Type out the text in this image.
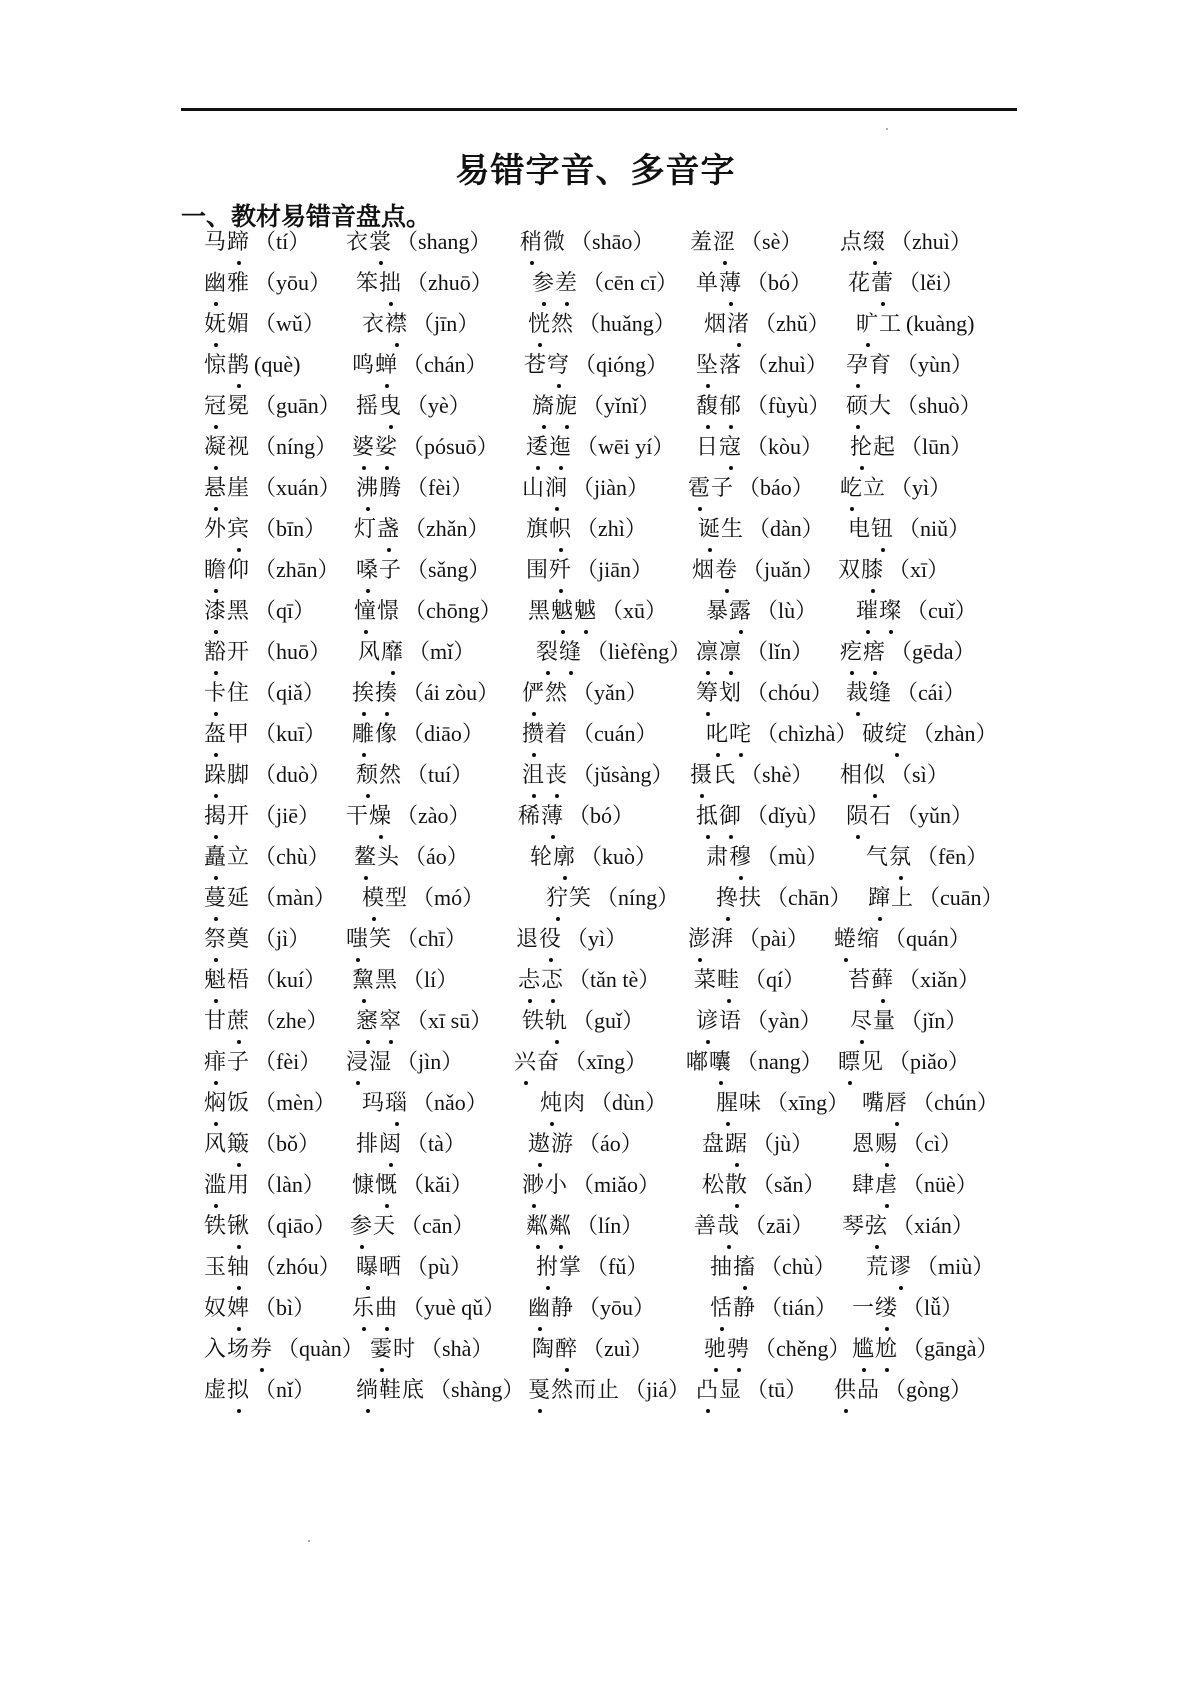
易错字音、多音字
一、教材易错音盘点。
马蹄 （tí） 衣裳 （shang） 稍微 （shāo） 羞涩 （sè） 点缀 （zhuì）
幽雅 （yōu） 笨拙 （zhuō） 参差 （cēn cī） 单薄 （bó） 花蕾 （lěi）
妩媚 （wǔ） 衣襟 （jīn） 恍然 （huǎng） 烟渚 （zhǔ） 旷工 (kuàng)
惊鹊 (què) 鸣蝉 （chán） 苍穹 （qióng） 坠落 （zhuì） 孕育 （yùn）
冠冕 （guān） 摇曳 （yè）	旖旎 （yǐnǐ） 馥郁 （fùyù） 硕大 （shuò）
凝视 （níng） 婆娑 （pósuō） 逶迤 （wēi yí） 日寇 （kòu） 抡起 （lūn）
悬崖 （xuán） 沸腾 （fèi） 山涧 （jiàn） 雹子 （báo） 屹立 （yì）
外宾 （bīn） 灯盏 （zhǎn） 旗帜 （zhì） 诞生 （dàn） 电钮 （niǔ）
瞻仰 （zhān） 嗓子 （sǎng） 围歼 （jiān） 烟卷 （juǎn） 双膝 （xī）
漆黑 （qī） 憧憬 （chōng） 黑魆魆 （xū） 暴露 （lù） 璀璨 （cuǐ）
豁开 （huō） 风靡 （mǐ）	裂缝 （lièfèng） 凛凛 （lǐn） 疙瘩 （gēda）
卡住 （qiǎ） 挨揍 （ái zòu） 俨然 （yǎn） 筹划 （chóu） 裁缝 （cái）
盔甲 （kuī） 雕像 （diāo） 攒着 （cuán） 叱咤 （chìzhà） 破绽 （zhàn）
跺脚 （duò） 颓然 （tuí） 沮丧 （jǔsàng） 摄氏 （shè） 相似 （sì）
揭开 （jiē） 干燥 （zào） 稀薄 （bó）	抵御 （dǐyù） 陨石 （yǔn）
矗立 （chù） 鳌头 （áo）	轮廓 （kuò） 肃穆 （mù） 气氛 （fēn）
蔓延 （màn） 模型 （mó）	狞笑 （níng） 搀扶 （chān） 蹿上 （cuān）
祭奠 （jì） 嗤笑 （chī） 退役 （yì）	澎湃 （pài） 蜷缩 （quán）
魁梧 （kuí） 黧黑 （lí）	忐忑 （tǎn tè） 菜畦 （qí） 苔藓 （xiǎn）
甘蔗 （zhe） 窸窣 （xī sū） 铁轨 （guǐ） 谚语 （yàn） 尽量 （jǐn）
痱子 （fèi） 浸湿 （jìn） 兴奋 （xīng） 嘟囔 （nang） 瞟见 （piǎo）
焖饭 （mèn） 玛瑙 （nǎo） 炖肉 （dùn） 腥味 （xīng） 嘴唇 （chún）
风簸 （bǒ） 排闼 （tà）	遨游 （áo）	盘踞 （jù） 恩赐 （cì）
滥用 （làn） 慷慨 （kǎi） 渺小 （miǎo） 松散 （sǎn） 肆虐 （nüè）
铁锹 （qiāo） 参天 （cān） 粼粼 （lín） 善哉 （zāi） 琴弦 （xián）
玉轴 （zhóu） 曝晒 （pù）	拊掌 （fǔ）	抽搐 （chù） 荒谬 （miù）
奴婢 （bì） 乐曲 （yuè qǔ） 幽静 （yōu） 恬静 （tián） 一缕 （lǚ）
入场券 （quàn） 霎时 （shà） 陶醉 （zuì） 驰骋 （chěng） 尴尬 （gāngà）
虚拟 （nǐ） 绱鞋底 （shàng） 戛然而止 （jiá） 凸显 （tū） 供品 （gòng）
